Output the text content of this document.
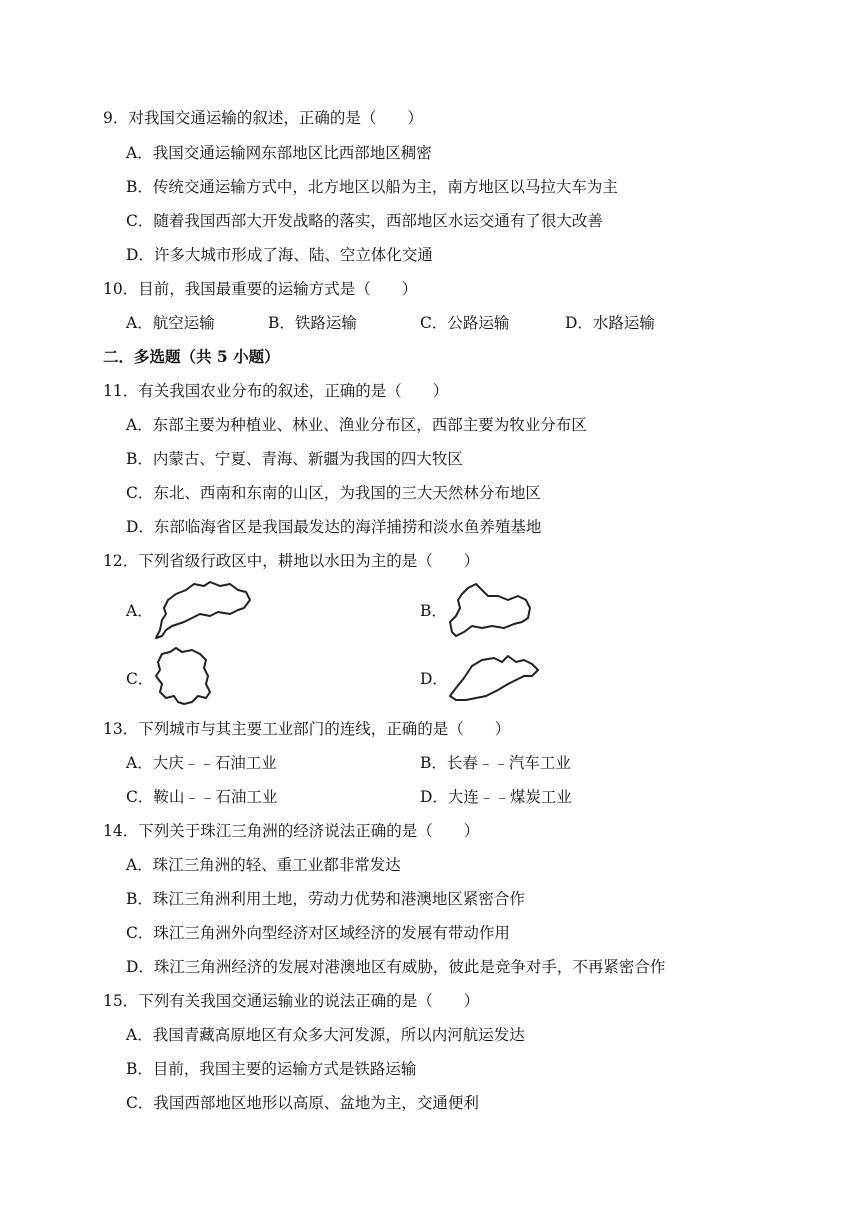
9．对我国交通运输的叙述，正确的是（　　）
A．我国交通运输网东部地区比西部地区稠密
B．传统交通运输方式中，北方地区以船为主，南方地区以马拉大车为主
C．随着我国西部大开发战略的落实，西部地区水运交通有了很大改善
D．许多大城市形成了海、陆、空立体化交通
10．目前，我国最重要的运输方式是（　　）
A．航空运输	B．铁路运输	C．公路运输	D．水路运输
二．多选题（共 5 小题）
11．有关我国农业分布的叙述，正确的是（　　）
A．东部主要为种植业、林业、渔业分布区，西部主要为牧业分布区
B．内蒙古、宁夏、青海、新疆为我国的四大牧区
C．东北、西南和东南的山区，为我国的三大天然林分布地区
D．东部临海省区是我国最发达的海洋捕捞和淡水鱼养殖基地
12．下列省级行政区中，耕地以水田为主的是（　　）
A．	B．
C．	D．
13．下列城市与其主要工业部门的连线，正确的是（　　）
A．大庆﹣﹣石油工业	B．长春﹣﹣汽车工业
C．鞍山﹣﹣石油工业	D．大连﹣﹣煤炭工业
14．下列关于珠江三角洲的经济说法正确的是（　　）
A．珠江三角洲的轻、重工业都非常发达
B．珠江三角洲利用土地，劳动力优势和港澳地区紧密合作
C．珠江三角洲外向型经济对区域经济的发展有带动作用
D．珠江三角洲经济的发展对港澳地区有威胁，彼此是竞争对手，不再紧密合作
15．下列有关我国交通运输业的说法正确的是（　　）
A．我国青藏高原地区有众多大河发源，所以内河航运发达
B．目前，我国主要的运输方式是铁路运输
C．我国西部地区地形以高原、盆地为主，交通便利
